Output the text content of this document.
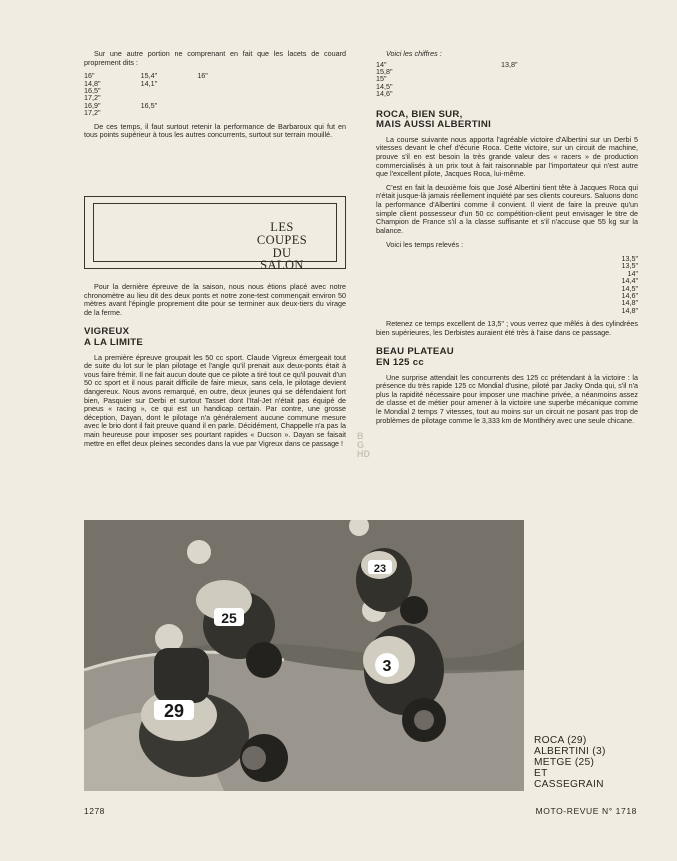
Sur une autre portion ne comprenant en fait que les lacets de couard proprement dits :

	16"	15,4"	16"
	14,8"	14,1"	
	16,5"		
	17,2"		
	16,9"	16,5"	
	17,2"		

De ces temps, il faut surtout retenir la performance de Barbaroux qui fut en tous points supérieur à tous les autres concurrents, surtout sur terrain mouillé.

LES
COUPES
DU
SALON

Pour la dernière épreuve de la saison, nous nous étions placé avec notre chronomètre au lieu dit des deux ponts et notre zone-test commençait environ 50 mètres avant l'épingle proprement dite pour se terminer aux deux-tiers du virage de la ferme.

VIGREUX
A LA LIMITE

La première épreuve groupait les 50 cc sport. Claude Vigreux émergeait tout de suite du lot sur le plan pilotage et l'angle qu'il prenait aux deux-ponts était à vous faire frémir. Il ne fait aucun doute que ce pilote a tiré tout ce qu'il pouvait d'un 50 cc sport et il nous parait difficile de faire mieux, sans cela, le pilotage devient dangereux. Nous avons remarqué, en outre, deux jeunes qui se défendaient fort bien, Pasquier sur Derbi et surtout Tasset dont l'Ital-Jet n'était pas équipé de pneus « racing », ce qui est un handicap certain. Par contre, une grosse déception, Dayan, dont le pilotage n'a généralement aucune commune mesure avec le brio dont il fait preuve quand il en parle. Décidément, Chappelle n'a pas la main heureuse pour imposer ses pourtant rapides « Ducson ». Dayan se faisait mettre en effet deux pleines secondes dans la vue par Vigreux dans ce passage !

Voici les chiffres :

	14"	13,8"
	15,8"	
	15"	
	14,5"	
	14,6"	
ROCA, BIEN SUR,
MAIS AUSSI ALBERTINI

La course suivante nous apporta l'agréable victoire d'Albertini sur un Derbi 5 vitesses devant le chef d'écurie Roca. Cette victoire, sur un circuit de machine, prouve s'il en est besoin la très grande valeur des « racers » de production commercialisés à un prix tout à fait raisonnable par l'importateur qui n'est autre que l'excellent pilote, Jacques Roca, lui-même.

C'est en fait la deuxième fois que José Albertini tient tête à Jacques Roca qui n'était jusque-là jamais réellement inquiété par ses clients coureurs. Saluons donc la performance d'Albertini comme il convient. Il vient de faire la preuve qu'un simple client possesseur d'un 50 cc compétition-client peut envisager le titre de Champion de France s'il a la classe suffisante et s'il n'accuse que 55 kg sur la balance.

Voici les temps relevés :

	13,5"
	13,5"
	14"
	14,4"
	14,5"
	14,6"
	14,8"
	14,8"

Retenez ce temps excellent de 13,5" ; vous verrez que mêlés à des cylindrées bien supérieures, les Derbistes auraient été très à l'aise dans ce passage.

BEAU PLATEAU
EN 125 cc

Une surprise attendait les concurrents des 125 cc prétendant à la victoire : la présence du très rapide 125 cc Mondial d'usine, piloté par Jacky Onda qui, s'il n'a plus la rapidité nécessaire pour imposer une machine privée, a néanmoins assez de classe et de métier pour amener à la victoire une superbe mécanique comme le Mondial 2 temps 7 vitesses, tout au moins sur un circuit ne posant pas trop de problèmes de pilotage comme le 3,333 km de Montlhéry avec une seule chicane.

B
G
HD
29
25
3
23
ROCA (29)
ALBERTINI (3)
METGE (25)
ET
CASSEGRAIN
1278	MOTO-REVUE N° 1718
